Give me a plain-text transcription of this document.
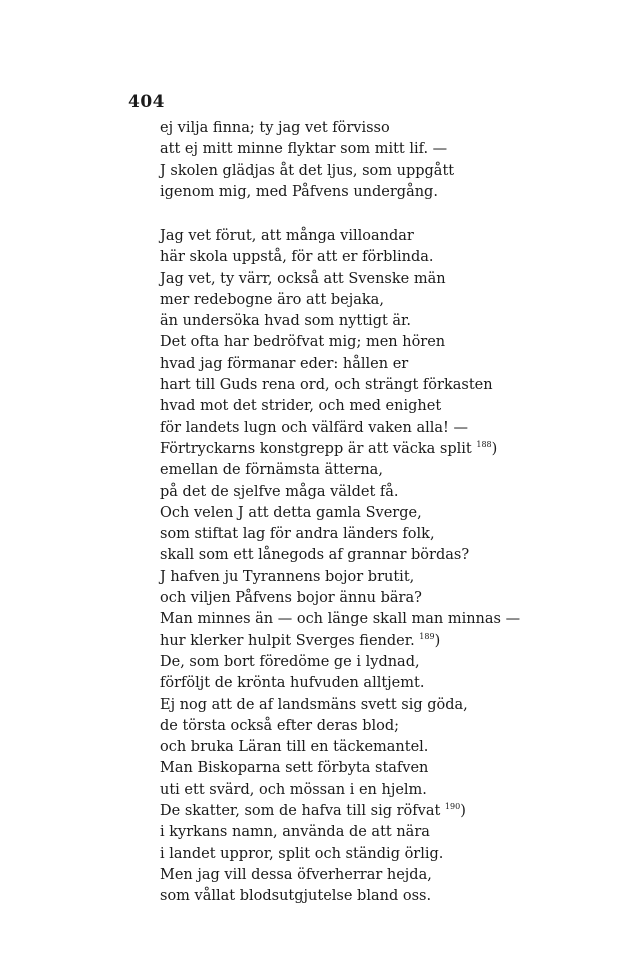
404
ej vilja finna; ty jag vet förvisso
att ej mitt minne flyktar som mitt lif. —
J skolen glädjas åt det ljus, som uppgått
igenom mig, med Påfvens undergång.
Jag vet förut, att många villoandar
här skola uppstå, för att er förblinda.
Jag vet, ty värr, också att Svenske män
mer redebogne äro att bejaka,
än undersöka hvad som nyttigt är.
Det ofta har bedröfvat mig; men hören
hvad jag förmanar eder: hållen er
hart till Guds rena ord, och strängt förkasten
hvad mot det strider, och med enighet
för landets lugn och välfärd vaken alla! —
Förtryckarns konstgrepp är att väcka split $^{188}$)
emellan de förnämsta ätterna,
på det de sjelfve måga väldet få.
Och velen J att detta gamla Sverge,
som stiftat lag för andra länders folk,
skall som ett lånegods af grannar bördas?
J hafven ju Tyrannens bojor brutit,
och viljen Påfvens bojor ännu bära?
Man minnes än — och länge skall man minnas —
hur klerker hulpit Sverges fiender. $^{189}$)
De, som bort föredöme ge i lydnad,
förföljt de krönta hufvuden alltjemt.
Ej nog att de af landsmäns svett sig göda,
de törsta också efter deras blod;
och bruka Läran till en täckemantel.
Man Biskoparna sett förbyta stafven
uti ett svärd, och mössan i en hjelm.
De skatter, som de hafva till sig röfvat $^{190}$)
i kyrkans namn, använda de att nära
i landet uppror, split och ständig örlig.
Men jag vill dessa öfverherrar hejda,
som vållat blodsutgjutelse bland oss.
